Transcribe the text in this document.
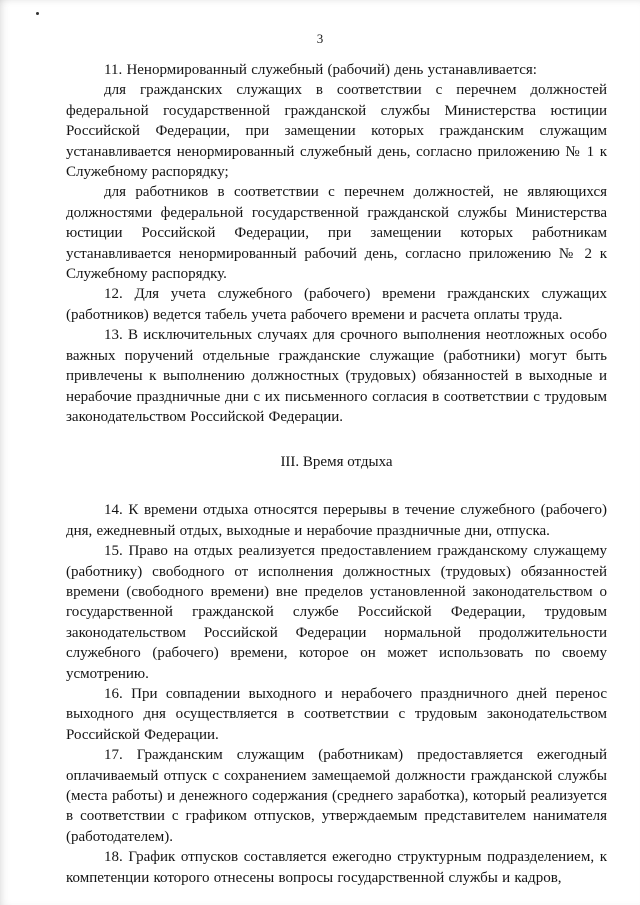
3

11. Ненормированный служебный (рабочий) день устанавливается:

для гражданских служащих в соответствии с перечнем должностей федеральной государственной гражданской службы Министерства юстиции Российской Федерации, при замещении которых гражданским служащим устанавливается ненормированный служебный день, согласно приложению № 1 к Служебному распорядку;

для работников в соответствии с перечнем должностей, не являющихся должностями федеральной государственной гражданской службы Министерства юстиции Российской Федерации, при замещении которых работникам устанавливается ненормированный рабочий день, согласно приложению № 2 к Служебному распорядку.

12. Для учета служебного (рабочего) времени гражданских служащих (работников) ведется табель учета рабочего времени и расчета оплаты труда.

13. В исключительных случаях для срочного выполнения неотложных особо важных поручений отдельные гражданские служащие (работники) могут быть привлечены к выполнению должностных (трудовых) обязанностей в выходные и нерабочие праздничные дни с их письменного согласия в соответствии с трудовым законодательством Российской Федерации.

III. Время отдыха

14. К времени отдыха относятся перерывы в течение служебного (рабочего) дня, ежедневный отдых, выходные и нерабочие праздничные дни, отпуска.

15. Право на отдых реализуется предоставлением гражданскому служащему (работнику) свободного от исполнения должностных (трудовых) обязанностей времени (свободного времени) вне пределов установленной законодательством о государственной гражданской службе Российской Федерации, трудовым законодательством Российской Федерации нормальной продолжительности служебного (рабочего) времени, которое он может использовать по своему усмотрению.

16. При совпадении выходного и нерабочего праздничного дней перенос выходного дня осуществляется в соответствии с трудовым законодательством Российской Федерации.

17. Гражданским служащим (работникам) предоставляется ежегодный оплачиваемый отпуск с сохранением замещаемой должности гражданской службы (места работы) и денежного содержания (среднего заработка), который реализуется в соответствии с графиком отпусков, утверждаемым представителем нанимателя (работодателем).

18. График отпусков составляется ежегодно структурным подразделением, к компетенции которого отнесены вопросы государственной службы и кадров,
